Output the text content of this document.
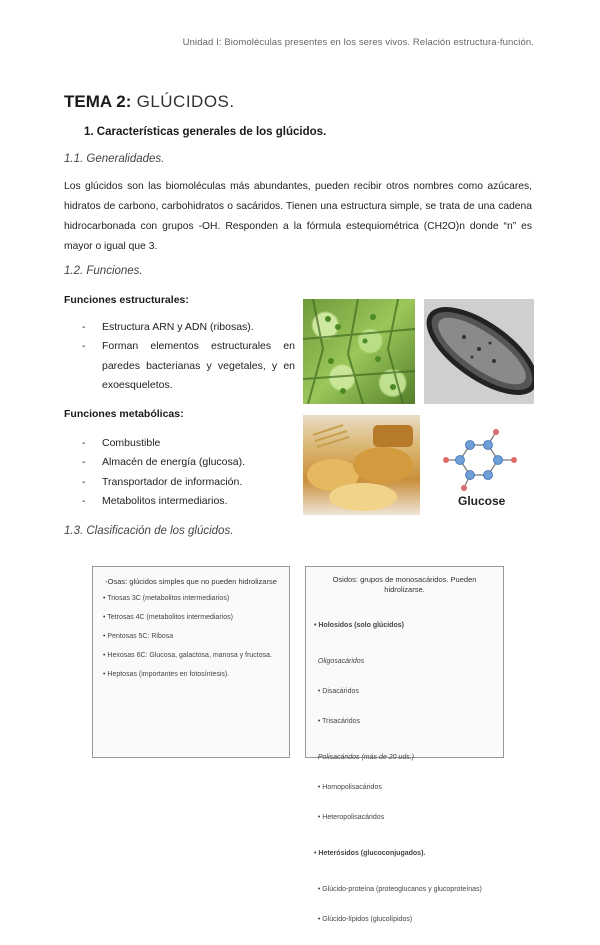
Unidad I: Biomoléculas presentes en los seres vivos. Relación estructura-función.
TEMA 2: GLÚCIDOS.
1. Características generales de los glúcidos.
1.1. Generalidades.
Los glúcidos son las biomoléculas más abundantes, pueden recibir otros nombres como azúcares, hidratos de carbono, carbohidratos o sacáridos. Tienen una estructura simple, se trata de una cadena hidrocarbonada con grupos -OH. Responden a la fórmula estequiométrica (CH2O)n donde “n” es mayor o igual que 3.
1.2. Funciones.
Funciones estructurales:
- Estructura ARN y ADN (ribosas).
- Forman elementos estructurales en paredes bacterianas y vegetales, y en exoesqueletos.
Funciones metabólicas:
- Combustible
- Almacén de energía (glucosa).
- Transportador de información.
- Metabolitos intermediarios.	Glucose
1.3. Clasificación de los glúcidos.
-Osas: glúcidos simples que no pueden hidrolizarse
• Triosas 3C (metabolitos intermediarios)
• Tetrosas 4C (metabolitos intermediarios)
• Pentosas 5C: Ribosa
• Hexosas 6C: Glucosa, galactosa, manosa y fructosa.
• Heptosas (importantes en fotosíntesis).
Osidos: grupos de monosacáridos. Pueden hidrolizarse.

• Holosidos (solo glúcidos)

Oligosacáridos

• Disacáridos

• Trisacáridos

Polisacáridos (más de 20 uds.)

• Homopolisacáridos

• Heteropolisacáridos

• Heterósidos (glucoconjugados).

• Glúcido-proteína (proteoglucanos y glucoproteínas)

• Glúcido-lípidos (glucolípidos)
